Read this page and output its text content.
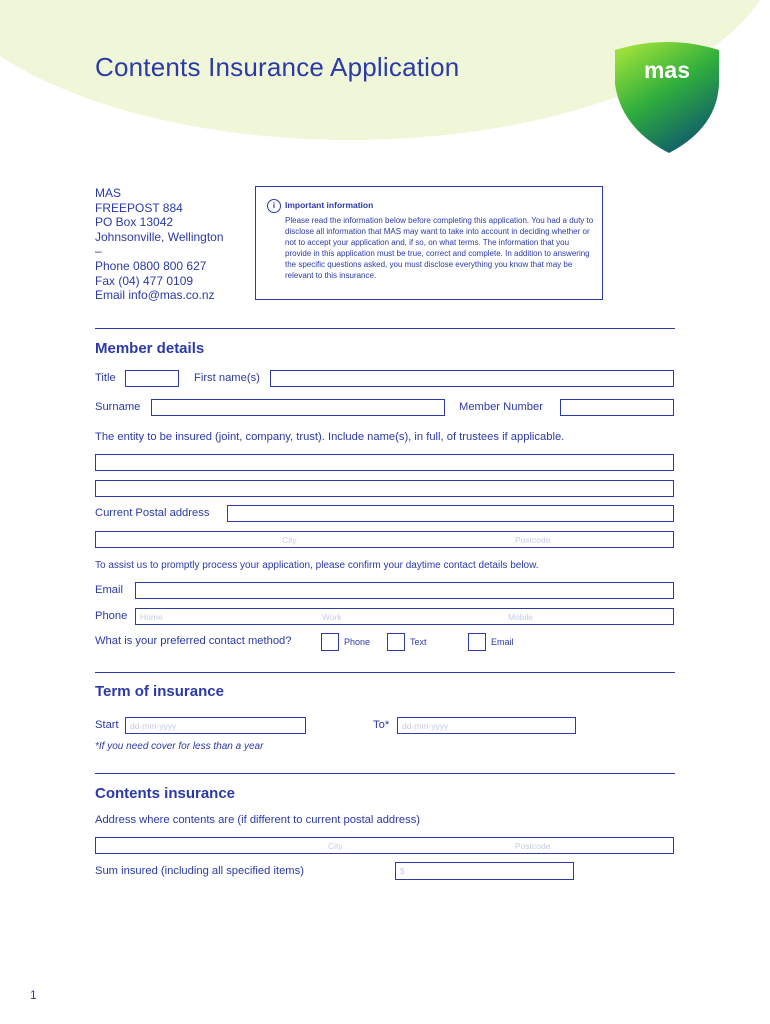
Contents Insurance Application	mas
MAS
FREEPOST 884
PO Box 13042
Johnsonville, Wellington
–
Phone 0800 800 627
Fax (04) 477 0109
Email info@mas.co.nz
i	Important information
Please read the information below before completing this application. You had a duty to disclose all information that MAS may want to take into account in deciding whether or not to accept your application and, if so, on what terms. The information that you provide in this application must be true, correct and complete. In addition to answering the specific questions asked, you must disclose everything you know that may be relevant to this insurance.
Member details
Title	First name(s)
Surname	Member Number
The entity to be insured (joint, company, trust). Include name(s), in full, of trustees if applicable.
Current Postal address
City	Postcode
To assist us to promptly process your application, please confirm your daytime contact details below.
Email
Phone Home	Work	Mobile
What is your preferred contact method?	Phone	Text	Email
Term of insurance
Start dd-mm-yyyy	To* dd-mm-yyyy
*If you need cover for less than a year
Contents insurance
Address where contents are (if different to current postal address)
City	Postcode
Sum insured (including all specified items)	$
1
